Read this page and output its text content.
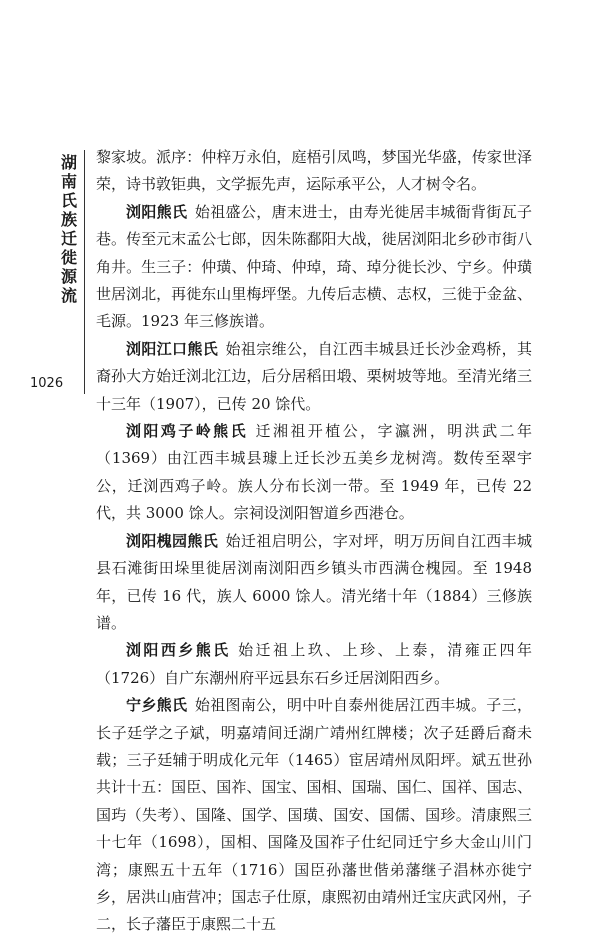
湖南氏族迁徙源流
1026

黎家坡。派序：仲梓万永伯，庭梧引凤鸣，梦国光华盛，传家世泽荣，诗书敦钜典，文学振先声，运际承平公，人才树令名。

浏阳熊氏 始祖盛公，唐末进士，由寿光徙居丰城衙背街瓦子巷。传至元末孟公七郎，因朱陈鄱阳大战，徙居浏阳北乡砂市街八角井。生三子：仲璜、仲琦、仲琸，琦、琸分徙长沙、宁乡。仲璜世居浏北，再徙东山里梅坪堡。九传后志横、志权，三徙于金盆、毛源。1923 年三修族谱。

浏阳江口熊氏 始祖宗维公，自江西丰城县迁长沙金鸡桥，其裔孙大方始迁浏北江边，后分居稻田塅、栗树坡等地。至清光绪三十三年（1907），已传 20 馀代。

浏阳鸡子岭熊氏 迁湘祖开植公，字瀛洲，明洪武二年（1369）由江西丰城县璩上迁长沙五美乡龙树湾。数传至翠宇公，迁浏西鸡子岭。族人分布长浏一带。至 1949 年，已传 22 代，共 3000 馀人。宗祠设浏阳智道乡西港仓。

浏阳槐园熊氏 始迁祖启明公，字对坪，明万历间自江西丰城县石滩街田垛里徙居浏南浏阳西乡镇头市西满仓槐园。至 1948 年，已传 16 代，族人 6000 馀人。清光绪十年（1884）三修族谱。

浏阳西乡熊氏 始迁祖上玖、上珍、上泰，清雍正四年（1726）自广东潮州府平远县东石乡迁居浏阳西乡。

宁乡熊氏 始祖图南公，明中叶自泰州徙居江西丰城。子三，长子廷学之子斌，明嘉靖间迁湖广靖州红牌楼；次子廷爵后裔未载；三子廷辅于明成化元年（1465）宦居靖州凤阳坪。斌五世孙共计十五：国臣、国祚、国宝、国相、国瑞、国仁、国祥、国志、国玙（失考）、国隆、国学、国璜、国安、国儒、国珍。清康熙三十七年（1698），国相、国隆及国祚子仕纪同迁宁乡大金山川门湾；康熙五十五年（1716）国臣孙藩世偕弟藩继子淐林亦徙宁乡，居洪山庙营冲；国志子仕原，康熙初由靖州迁宝庆武冈州，子二，长子藩臣于康熙二十五
